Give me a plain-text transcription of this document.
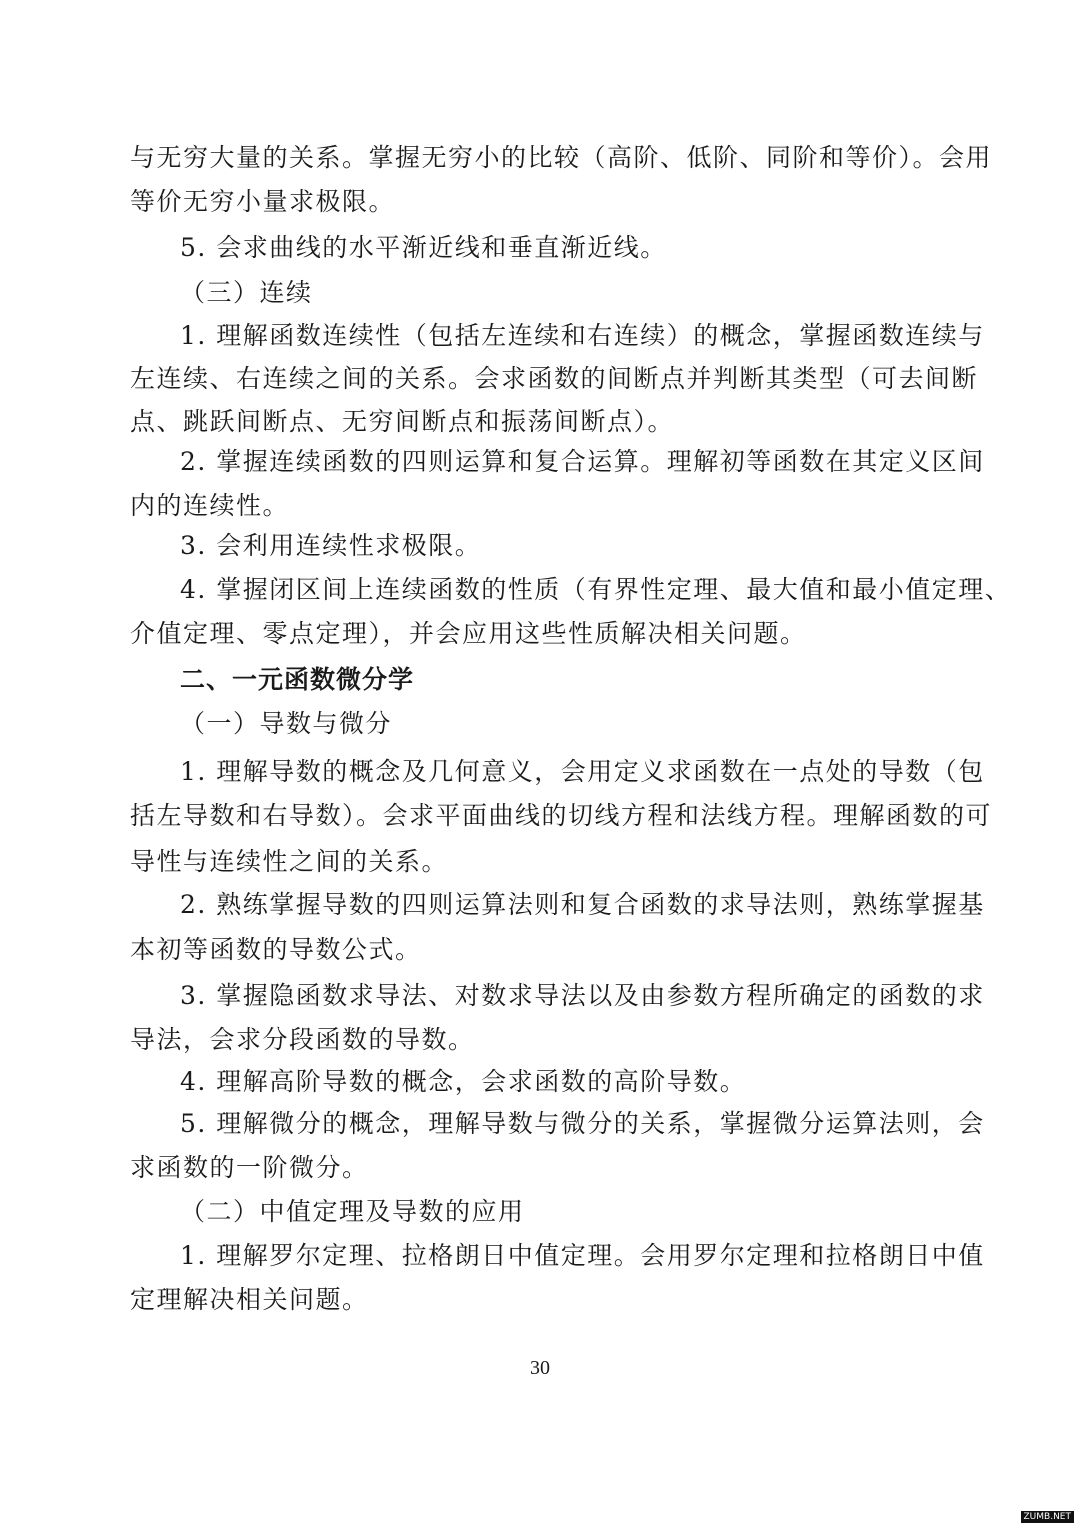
与无穷大量的关系。掌握无穷小的比较（高阶、低阶、同阶和等价）。会用
等价无穷小量求极限。
5. 会求曲线的水平渐近线和垂直渐近线。
（三）连续
1. 理解函数连续性（包括左连续和右连续）的概念，掌握函数连续与
左连续、右连续之间的关系。会求函数的间断点并判断其类型（可去间断
点、跳跃间断点、无穷间断点和振荡间断点）。
2. 掌握连续函数的四则运算和复合运算。理解初等函数在其定义区间
内的连续性。
3. 会利用连续性求极限。
4. 掌握闭区间上连续函数的性质（有界性定理、最大值和最小值定理、
介值定理、零点定理），并会应用这些性质解决相关问题。
二、一元函数微分学
（一）导数与微分
1. 理解导数的概念及几何意义，会用定义求函数在一点处的导数（包
括左导数和右导数）。会求平面曲线的切线方程和法线方程。理解函数的可
导性与连续性之间的关系。
2. 熟练掌握导数的四则运算法则和复合函数的求导法则，熟练掌握基
本初等函数的导数公式。
3. 掌握隐函数求导法、对数求导法以及由参数方程所确定的函数的求
导法，会求分段函数的导数。
4. 理解高阶导数的概念，会求函数的高阶导数。
5. 理解微分的概念，理解导数与微分的关系，掌握微分运算法则，会
求函数的一阶微分。
（二）中值定理及导数的应用
1. 理解罗尔定理、拉格朗日中值定理。会用罗尔定理和拉格朗日中值
定理解决相关问题。
30
ZUMB.NET
